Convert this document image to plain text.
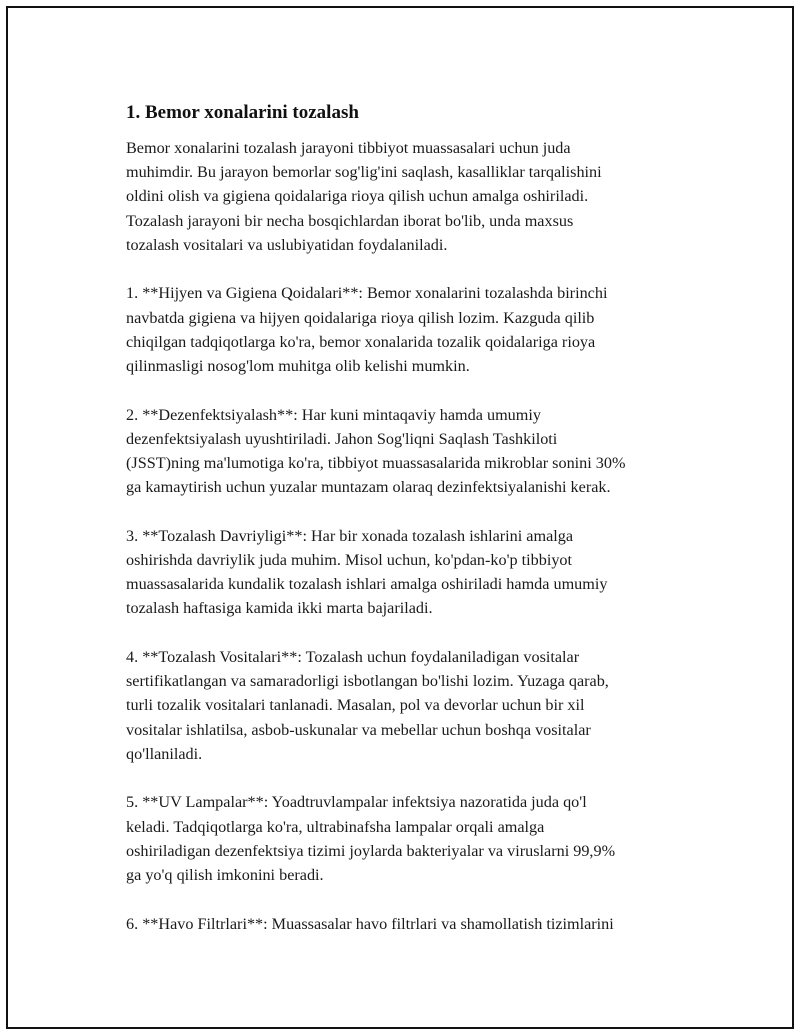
1. Bemor xonalarini tozalash

Bemor xonalarini tozalash jarayoni tibbiyot muassasalari uchun juda
muhimdir. Bu jarayon bemorlar sog'lig'ini saqlash, kasalliklar tarqalishini
oldini olish va gigiena qoidalariga rioya qilish uchun amalga oshiriladi.
Tozalash jarayoni bir necha bosqichlardan iborat bo'lib, unda maxsus
tozalash vositalari va uslubiyatidan foydalaniladi.

1. **Hijyen va Gigiena Qoidalari**: Bemor xonalarini tozalashda birinchi
navbatda gigiena va hijyen qoidalariga rioya qilish lozim. Kazguda qilib
chiqilgan tadqiqotlarga ko'ra, bemor xonalarida tozalik qoidalariga rioya
qilinmasligi nosog'lom muhitga olib kelishi mumkin.

2. **Dezenfektsiyalash**: Har kuni mintaqaviy hamda umumiy
dezenfektsiyalash uyushtiriladi. Jahon Sog'liqni Saqlash Tashkiloti
(JSST)ning ma'lumotiga ko'ra, tibbiyot muassasalarida mikroblar sonini 30%
ga kamaytirish uchun yuzalar muntazam olaraq dezinfektsiyalanishi kerak.

3. **Tozalash Davriyligi**: Har bir xonada tozalash ishlarini amalga
oshirishda davriylik juda muhim. Misol uchun, ko'pdan-ko'p tibbiyot
muassasalarida kundalik tozalash ishlari amalga oshiriladi hamda umumiy
tozalash haftasiga kamida ikki marta bajariladi.

4. **Tozalash Vositalari**: Tozalash uchun foydalaniladigan vositalar
sertifikatlangan va samaradorligi isbotlangan bo'lishi lozim. Yuzaga qarab,
turli tozalik vositalari tanlanadi. Masalan, pol va devorlar uchun bir xil
vositalar ishlatilsa, asbob-uskunalar va mebellar uchun boshqa vositalar
qo'llaniladi.

5. **UV Lampalar**: Yoadtruvlampalar infektsiya nazoratida juda qo'l
keladi. Tadqiqotlarga ko'ra, ultrabinafsha lampalar orqali amalga
oshiriladigan dezenfektsiya tizimi joylarda bakteriyalar va viruslarni 99,9%
ga yo'q qilish imkonini beradi.

6. **Havo Filtrlari**: Muassasalar havo filtrlari va shamollatish tizimlarini
